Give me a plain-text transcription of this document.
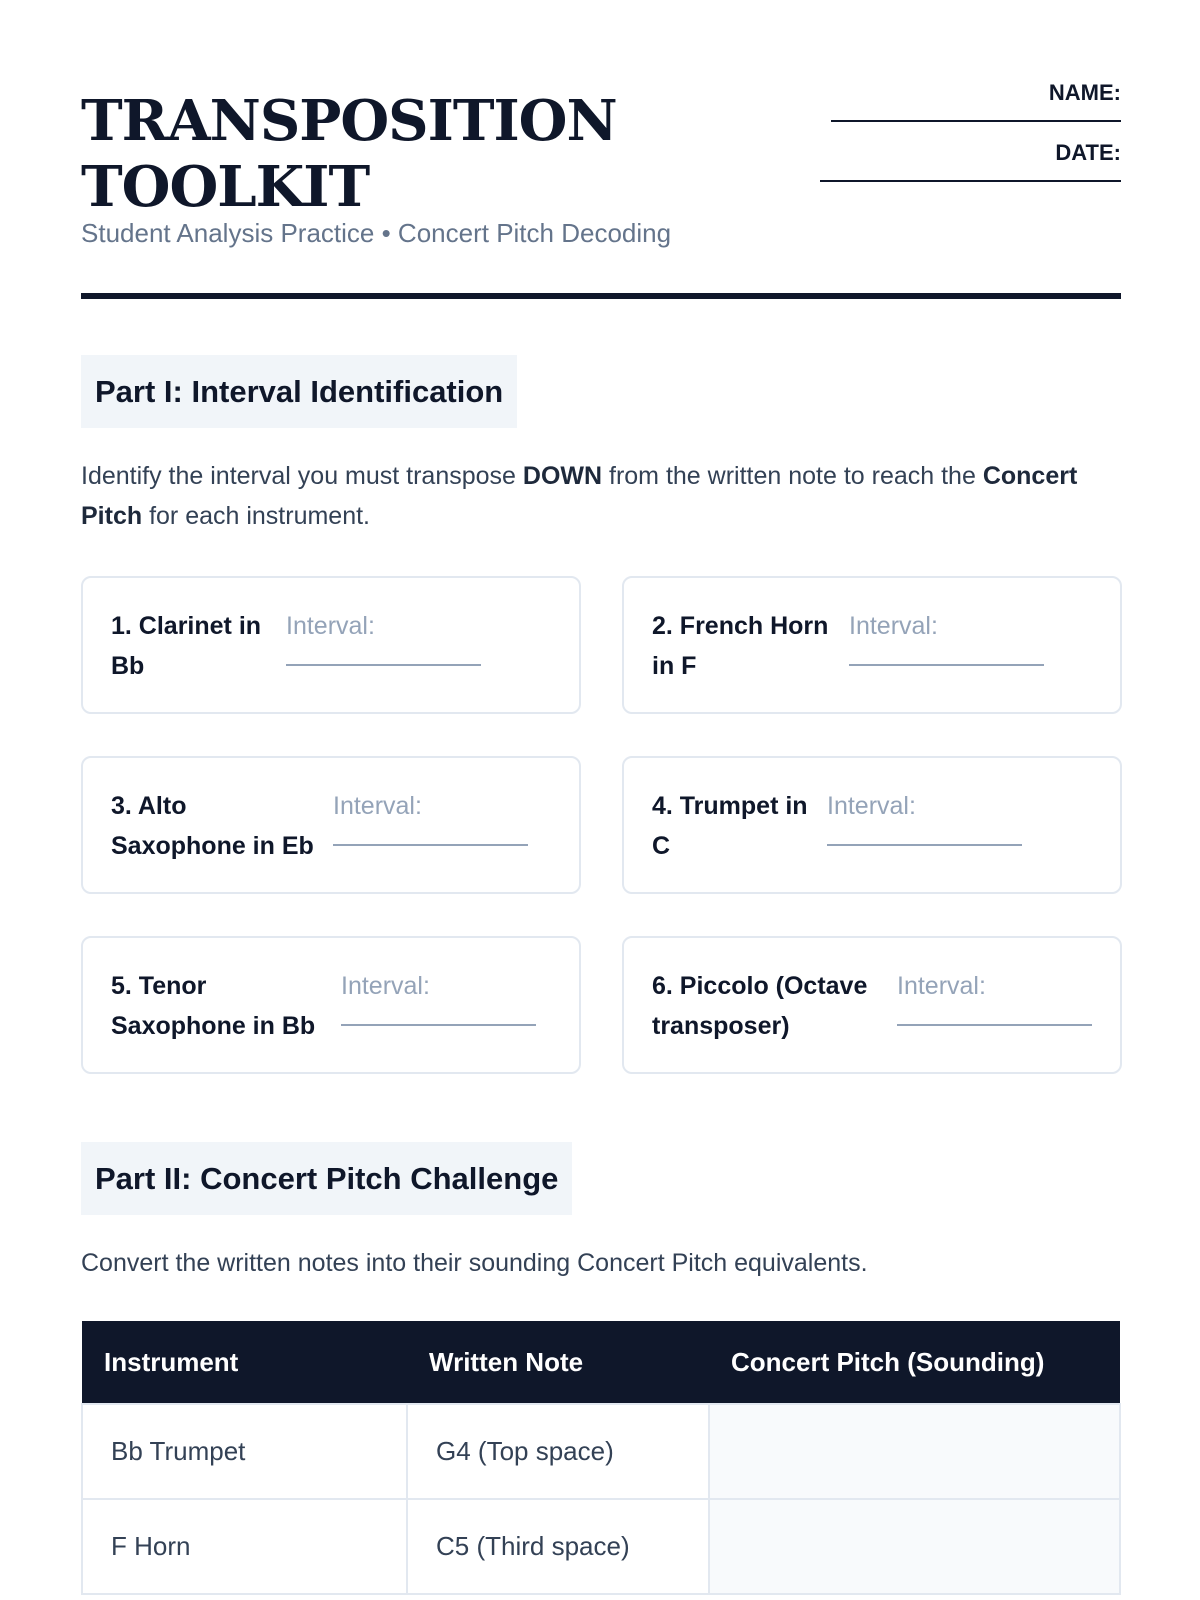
TRANSPOSITION
TOOLKIT
Student Analysis Practice • Concert Pitch Decoding
NAME:
DATE:
Part I: Interval Identification

Identify the interval you must transpose DOWN from the written note to reach the Concert Pitch for each instrument.

1. Clarinet in
Bb
Interval:	2. French Horn
in F
Interval:
3. Alto
Saxophone in Eb
Interval:	4. Trumpet in
C
Interval:
5. Tenor
Saxophone in Bb
Interval:	6. Piccolo (Octave
transposer)
Interval:
Part II: Concert Pitch Challenge

Convert the written notes into their sounding Concert Pitch equivalents.

Instrument	Written Note	Concert Pitch (Sounding)
Bb Trumpet	G4 (Top space)	
F Horn	C5 (Third space)	
